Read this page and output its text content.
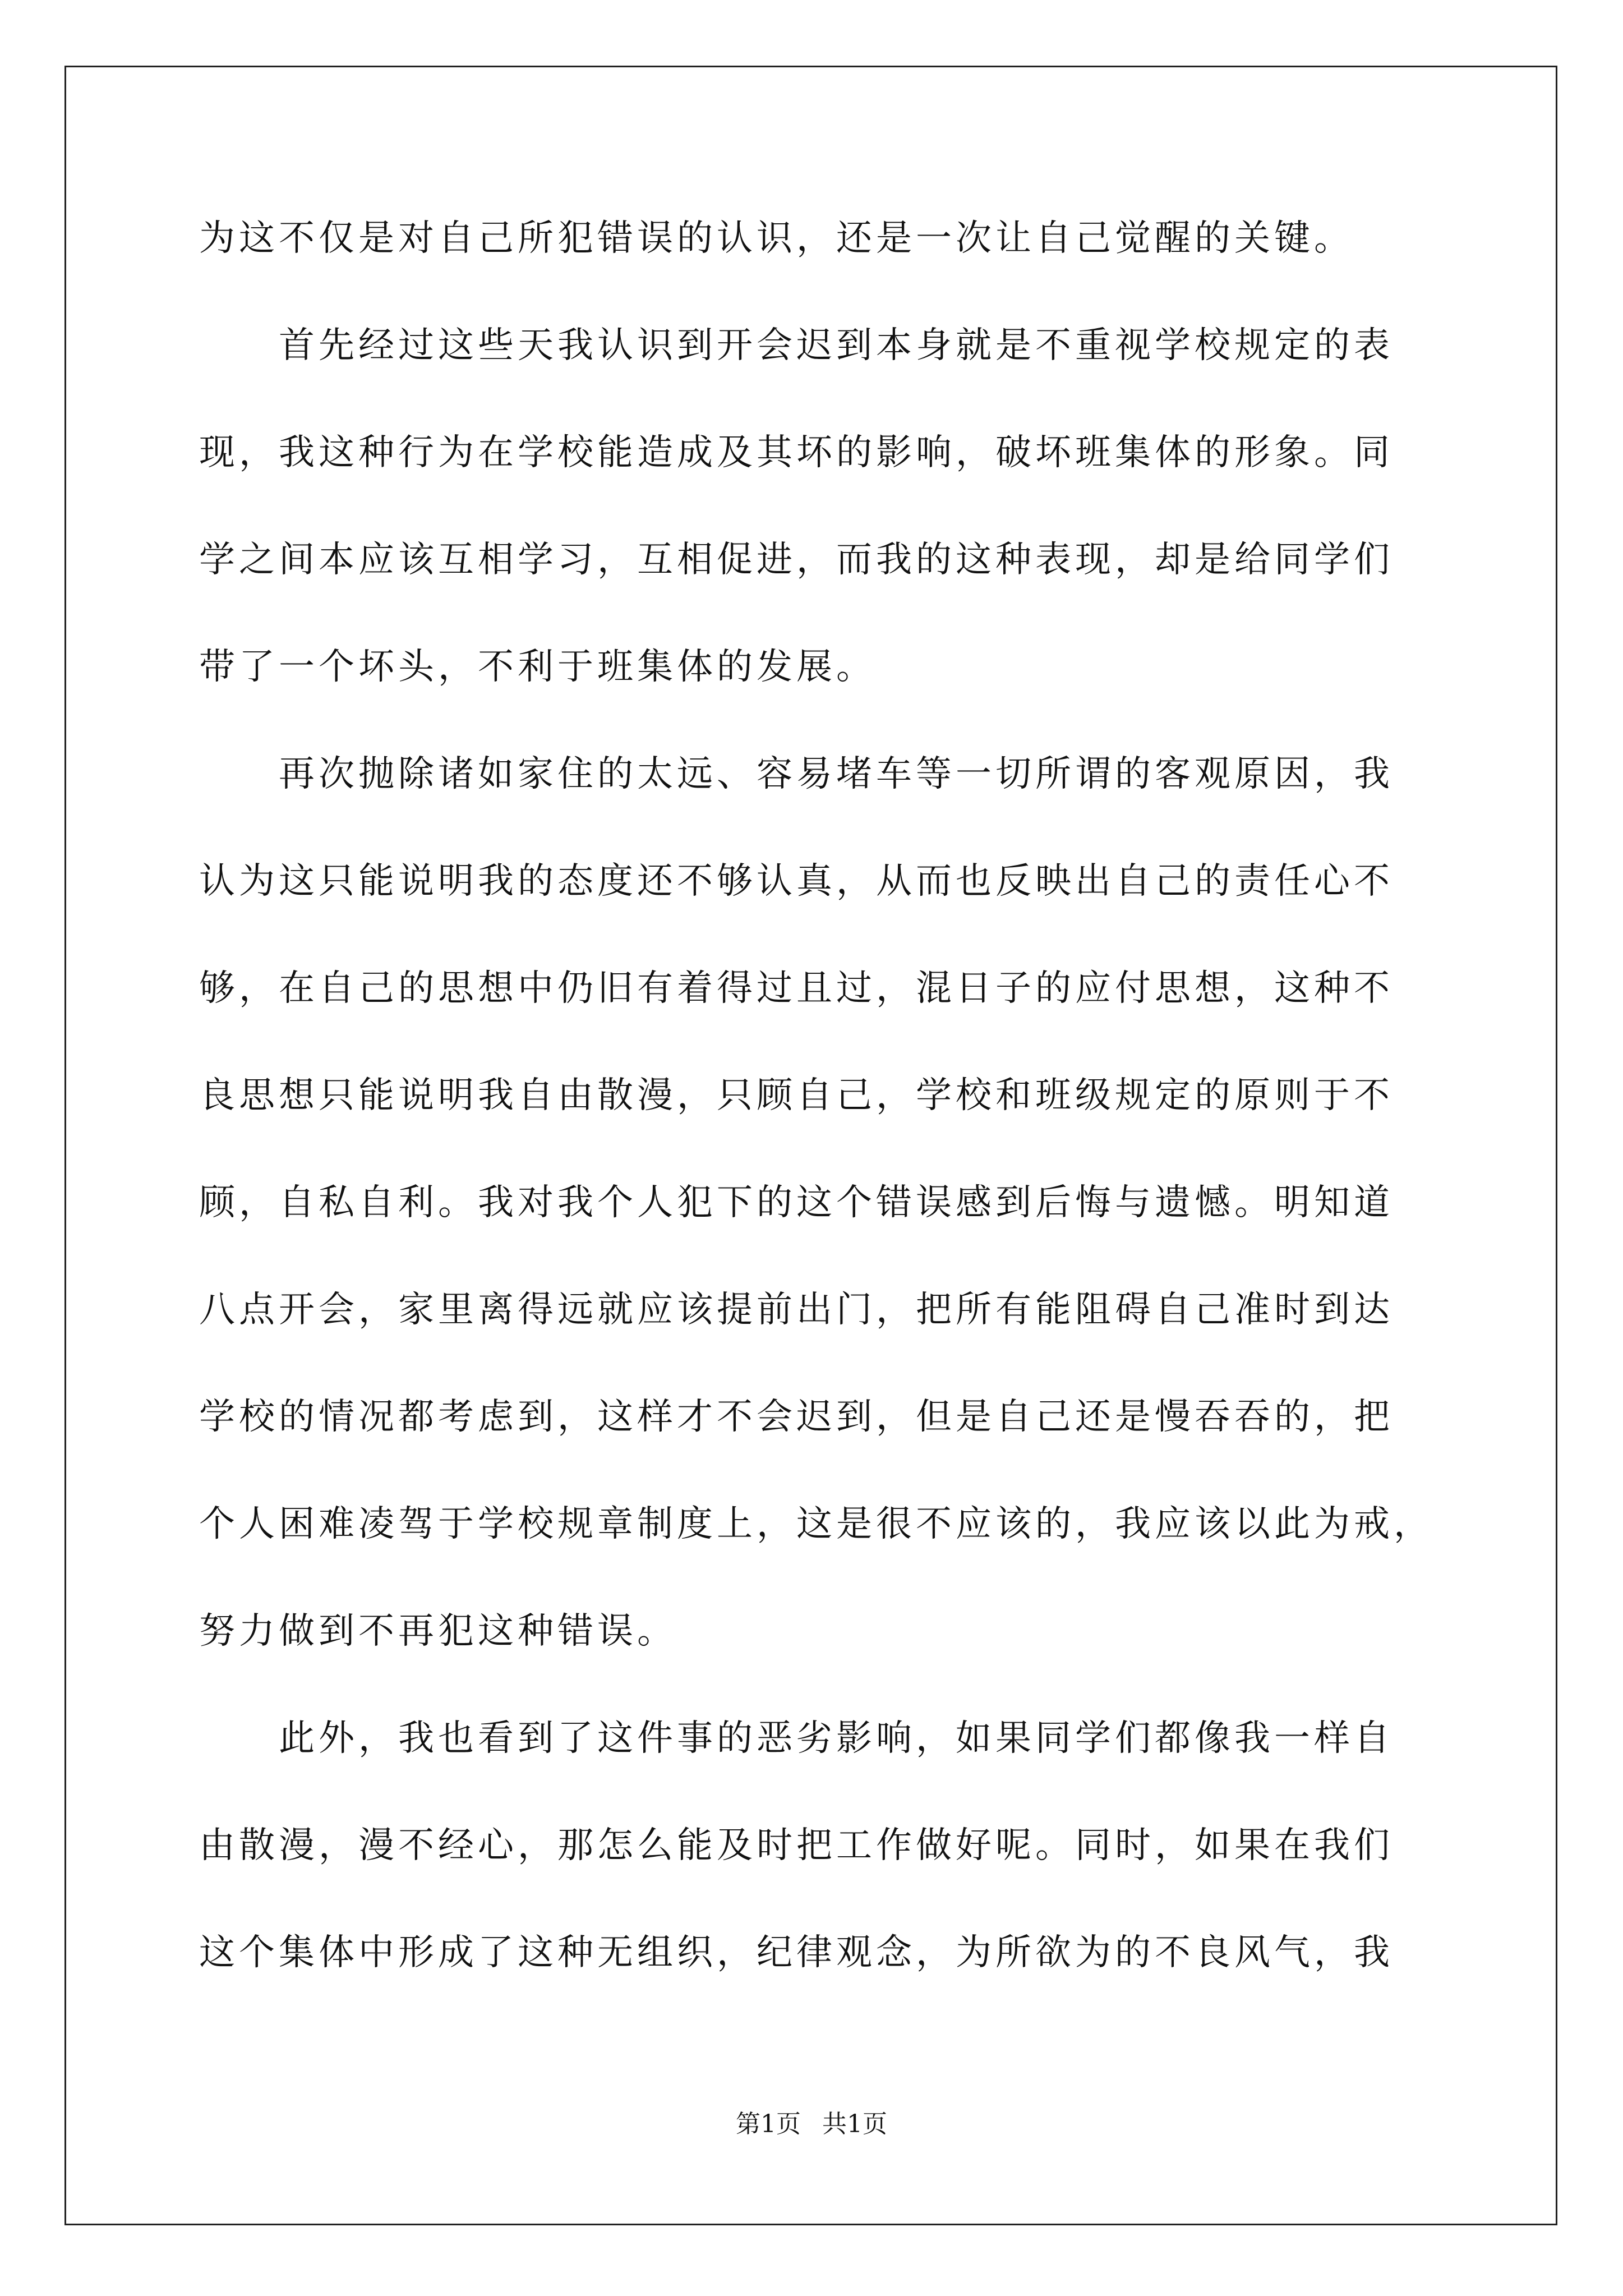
为这不仅是对自己所犯错误的认识，还是一次让自己觉醒的关键。
首先经过这些天我认识到开会迟到本身就是不重视学校规定的表
现，我这种行为在学校能造成及其坏的影响，破坏班集体的形象。同
学之间本应该互相学习，互相促进，而我的这种表现，却是给同学们
带了一个坏头，不利于班集体的发展。
再次抛除诸如家住的太远、容易堵车等一切所谓的客观原因，我
认为这只能说明我的态度还不够认真，从而也反映出自己的责任心不
够，在自己的思想中仍旧有着得过且过，混日子的应付思想，这种不
良思想只能说明我自由散漫，只顾自己，学校和班级规定的原则于不
顾，自私自利。我对我个人犯下的这个错误感到后悔与遗憾。明知道
八点开会，家里离得远就应该提前出门，把所有能阻碍自己准时到达
学校的情况都考虑到，这样才不会迟到，但是自己还是慢吞吞的，把
个人困难凌驾于学校规章制度上，这是很不应该的，我应该以此为戒，
努力做到不再犯这种错误。
此外，我也看到了这件事的恶劣影响，如果同学们都像我一样自
由散漫，漫不经心，那怎么能及时把工作做好呢。同时，如果在我们
这个集体中形成了这种无组织，纪律观念，为所欲为的不良风气，我
第1页 共1页
